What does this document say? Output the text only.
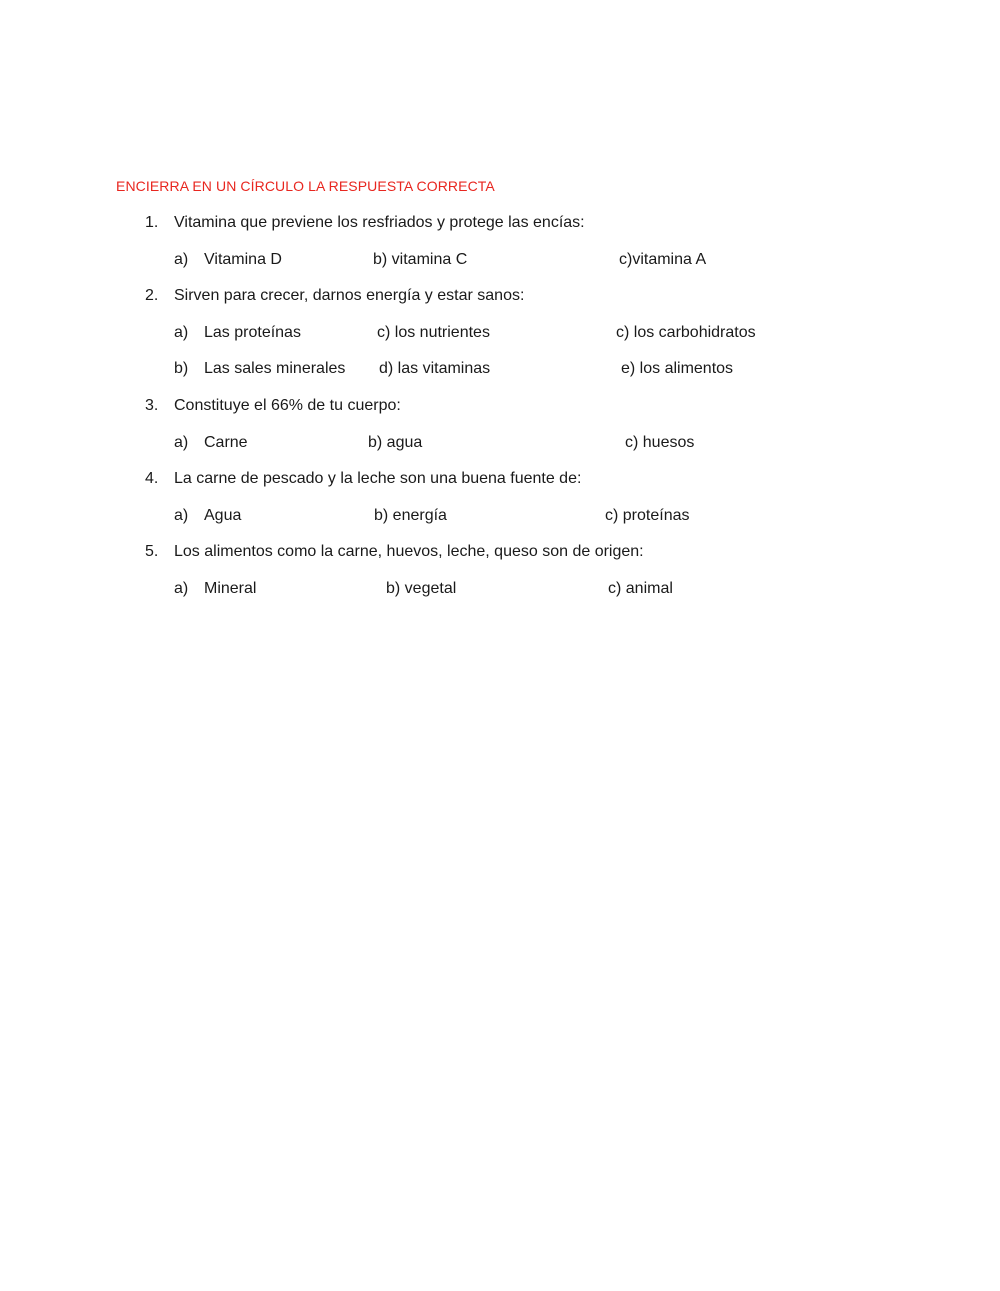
ENCIERRA EN UN CÍRCULO LA RESPUESTA CORRECTA
1. Vitamina que previene los resfriados y protege las encías:
a) Vitamina D	b) vitamina C	c)vitamina A
2. Sirven para crecer, darnos energía y estar sanos:
a) Las proteínas	c) los nutrientes	c) los carbohidratos
b) Las sales minerales d) las vitaminas	e) los alimentos
3. Constituye el 66% de tu cuerpo:
a) Carne	b) agua	c) huesos
4. La carne de pescado y la leche son una buena fuente de:
a) Agua	b) energía	c) proteínas
5. Los alimentos como la carne, huevos, leche, queso son de origen:
a) Mineral	b) vegetal	c) animal
